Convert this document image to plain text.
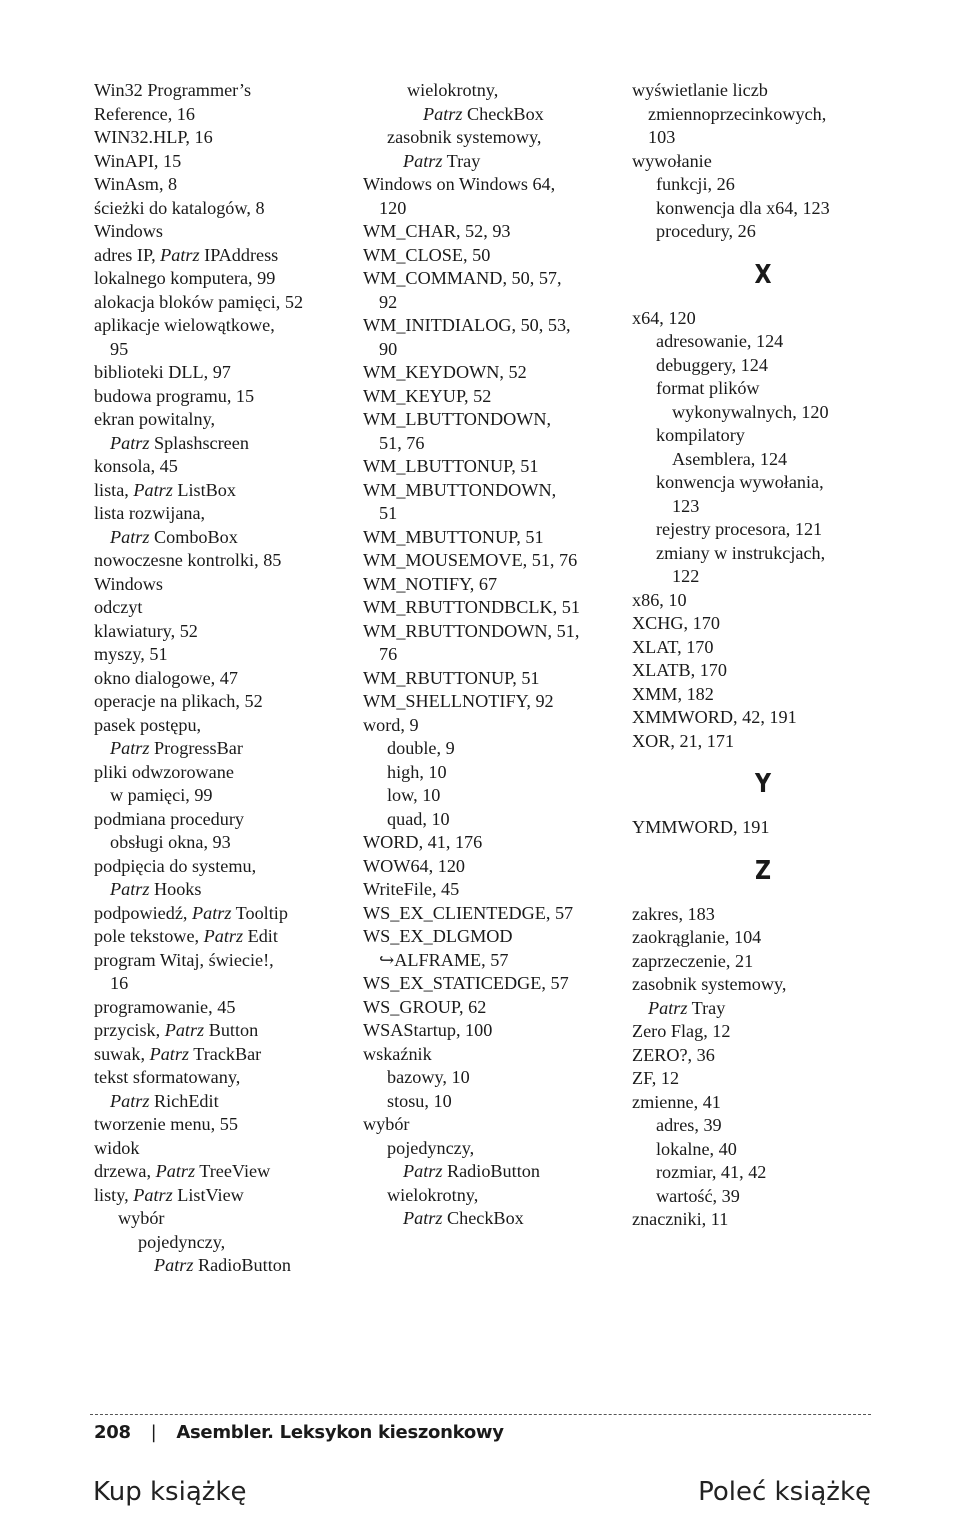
Win32 Programmer’s
Reference, 16
WIN32.HLP, 16
WinAPI, 15
WinAsm, 8
ścieżki do katalogów, 8
Windows
adres IP, Patrz IPAddress
lokalnego komputera, 99
alokacja bloków pamięci, 52
aplikacje wielowątkowe,
95
biblioteki DLL, 97
budowa programu, 15
ekran powitalny,
Patrz Splashscreen
konsola, 45
lista, Patrz ListBox
lista rozwijana,
Patrz ComboBox
nowoczesne kontrolki, 85
Windows
odczyt
klawiatury, 52
myszy, 51
okno dialogowe, 47
operacje na plikach, 52
pasek postępu,
Patrz ProgressBar
pliki odwzorowane
w pamięci, 99
podmiana procedury
obsługi okna, 93
podpięcia do systemu,
Patrz Hooks
podpowiedź, Patrz Tooltip
pole tekstowe, Patrz Edit
program Witaj, świecie!,
16
programowanie, 45
przycisk, Patrz Button
suwak, Patrz TrackBar
tekst sformatowany,
Patrz RichEdit
tworzenie menu, 55
widok
drzewa, Patrz TreeView
listy, Patrz ListView
wybór
pojedynczy,
Patrz RadioButton
wielokrotny,
Patrz CheckBox
zasobnik systemowy,
Patrz Tray
Windows on Windows 64,
120
WM_CHAR, 52, 93
WM_CLOSE, 50
WM_COMMAND, 50, 57,
92
WM_INITDIALOG, 50, 53,
90
WM_KEYDOWN, 52
WM_KEYUP, 52
WM_LBUTTONDOWN,
51, 76
WM_LBUTTONUP, 51
WM_MBUTTONDOWN,
51
WM_MBUTTONUP, 51
WM_MOUSEMOVE, 51, 76
WM_NOTIFY, 67
WM_RBUTTONDBCLK, 51
WM_RBUTTONDOWN, 51,
76
WM_RBUTTONUP, 51
WM_SHELLNOTIFY, 92
word, 9
double, 9
high, 10
low, 10
quad, 10
WORD, 41, 176
WOW64, 120
WriteFile, 45
WS_EX_CLIENTEDGE, 57
WS_EX_DLGMOD
↪ALFRAME, 57
WS_EX_STATICEDGE, 57
WS_GROUP, 62
WSAStartup, 100
wskaźnik
bazowy, 10
stosu, 10
wybór
pojedynczy,
Patrz RadioButton
wielokrotny,
Patrz CheckBox
wyświetlanie liczb
zmiennoprzecinkowych,
103
wywołanie
funkcji, 26
konwencja dla x64, 123
procedury, 26
X
x64, 120
adresowanie, 124
debuggery, 124
format plików
wykonywalnych, 120
kompilatory
Asemblera, 124
konwencja wywołania,
123
rejestry procesora, 121
zmiany w instrukcjach,
122
x86, 10
XCHG, 170
XLAT, 170
XLATB, 170
XMM, 182
XMMWORD, 42, 191
XOR, 21, 171
Y
YMMWORD, 191
Z
zakres, 183
zaokrąglanie, 104
zaprzeczenie, 21
zasobnik systemowy,
Patrz Tray
Zero Flag, 12
ZERO?, 36
ZF, 12
zmienne, 41
adres, 39
lokalne, 40
rozmiar, 41, 42
wartość, 39
znaczniki, 11
208 | Asembler. Leksykon kieszonkowy
Kup książkę	Poleć książkę
